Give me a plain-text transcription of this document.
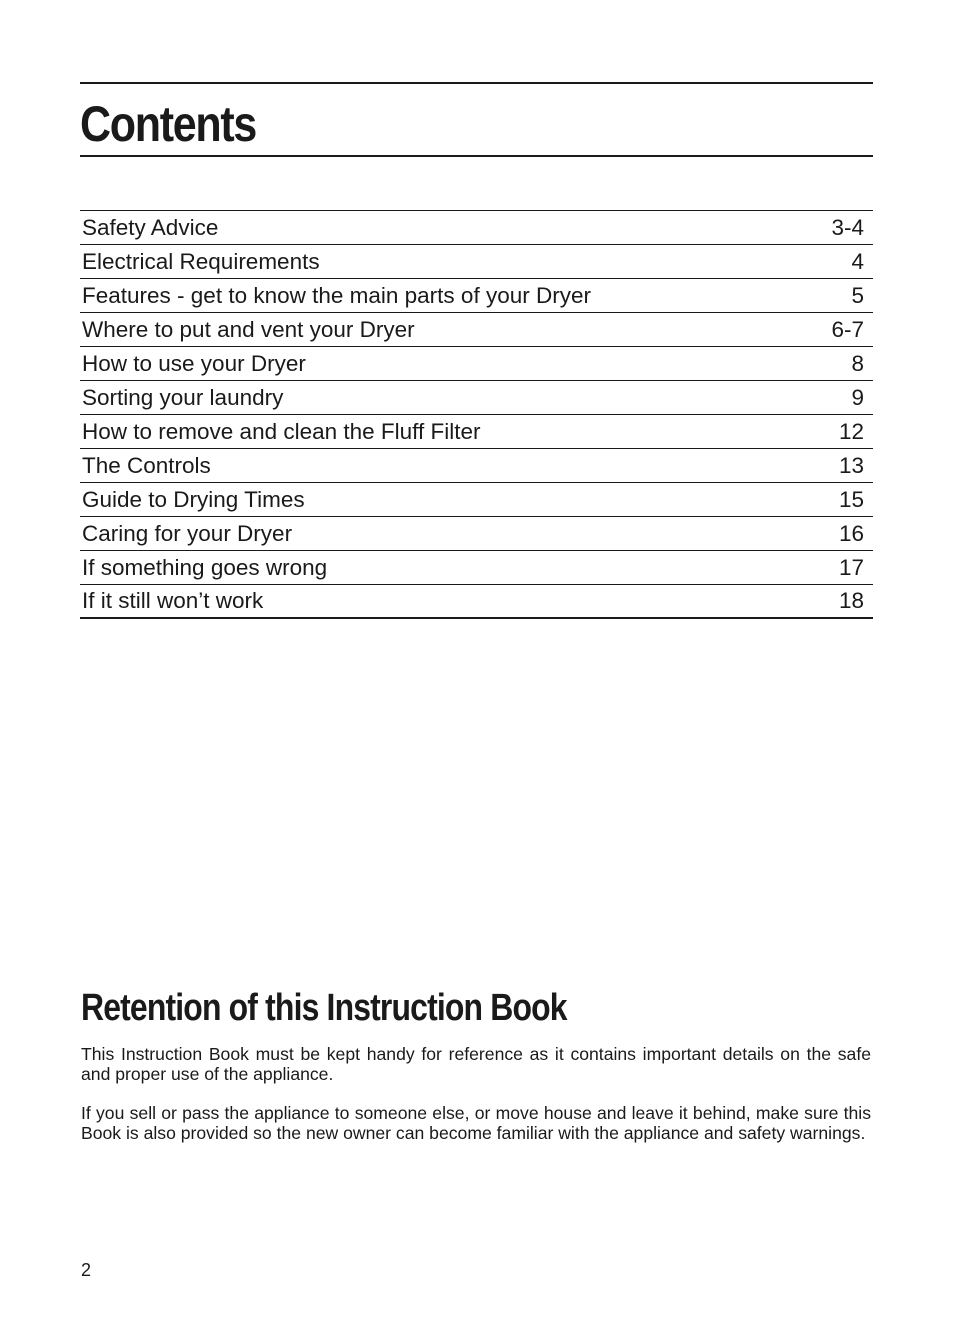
Contents
Safety Advice	3-4
Electrical Requirements	4
Features - get to know the main parts of your Dryer	5
Where to put and vent your Dryer	6-7
How to use your Dryer	8
Sorting your laundry	9
How to remove and clean the Fluff Filter	12
The Controls	13
Guide to Drying Times	15
Caring for your Dryer	16
If something goes wrong	17
If it still won’t work	18
Retention of this Instruction Book

This Instruction Book must be kept handy for reference as it contains important details on the safe and proper use of the appliance.

If you sell or pass the appliance to someone else, or move house and leave it behind, make sure this Book is also provided so the new owner can become familiar with the appliance and safety warnings.

2
